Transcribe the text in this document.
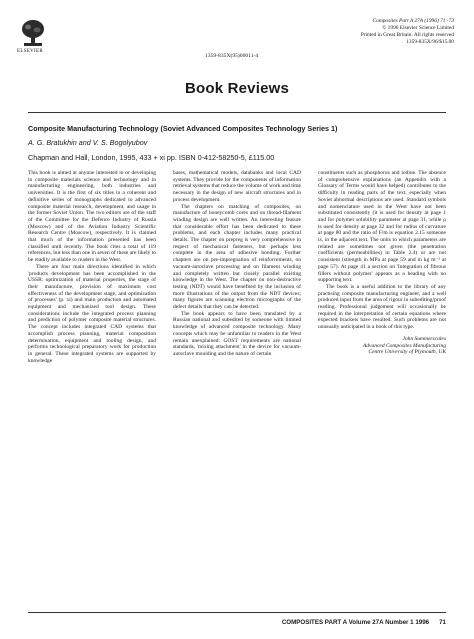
ELSEVIER
1359-835X(95)00011-4
Composites Part A 27A (1996) 71 -73
© 1996 Elsevier Science Limited
Printed in Great Britain. All rights reserved
1359-835X/96/$15.00
Book Reviews
Composite Manufacturing Technology (Soviet Advanced Composites Technology Series 1)
A. G. Bratukhin and V. S. Bogolyubov
Chapman and Hall, London, 1995, 433 + xi pp. ISBN 0-412-58250-5, £115.00

This book is aimed at anyone interested in or developing in composite materials science and technology and in manufacturing engineering, both industries and universities. It is the first of six titles in a coherent and definitive series of monographs dedicated to advanced composite material research, development, and usage in the former Soviet Union. The two editors are of the staff of the Committee for the Defence Industry of Russia (Moscow) and of the Aviation Industry Scientific Research Centre (Moscow), respectively. It is claimed that much of the information presented has been classified until recently. The book cites a total of 119 references, but less than one in seven of these are likely to be readily available to readers in the West.

There are four main directions identified in which 'products development has been accomplished in the USSR: optimization of material properties, the stage of their manufacture, provision of maximum cost effectiveness of the development stage, and optimization of processes' (p. xi) and main production and automated equipment and mechanized tool design. These considerations include the integrated process planning and prediction of polymer composite material structures. The concept includes integrated CAD systems that accomplish process planning, material composition determination, equipment and tooling design, and performs technological preparatory work for production in general. These integrated systems are supported by knowledge

bases, mathematical models, databanks and local CAD systems. They provide for the components of information retrieval systems that reduce the volume of work and time necessary in the design of new aircraft structures and in process development.

The chapters on matching of composites, on manufacture of honeycomb cores and on thread-filament winding design are well written. An interesting feature that considerable effort has been dedicated to these problems, and each chapter includes many practical details. The chapter on prepreg is very comprehensive in respect of mechanical fasteners, but perhaps less complete in the area of adhesive bonding. Further chapters are on pre-impregnation of reinforcements, on vacuum-autoclave processing and on filament winding and completely written but closely parallel existing knowledge in the West. The chapter on non-destructive testing (NDT) would have benefited by the inclusion of more illustrations of the output from the NDT devices; many figures are scanning electron micrographs of the defect details that they can be detected.

The book appears to have been translated by a Russian national and subedited by someone with limited knowledge of advanced composite technology. Many concepts which may be unfamiliar to readers in the West remain unexplained: GOST requirements are national standards, 'mixing attachment' in the device for vacuum-autoclave moulding and the nature of certain

constituents such as phosphorus and iodine. The absence of comprehensive explanations (an Appendix with a Glossary of Terms would have helped) contributes to the difficulty in reading parts of the text, especially when Soviet abnormal descriptions are used. Standard symbols and nomenclature used in the West have not been substituted consistently (it is used for density at page 1 and for polymer solubility parameter at page 31, while ρ is used for density at page 32 and for radius of curvature at page 80 and the ratio of F/m is equation 2.15 someone is, in the adjacent text. The units to which parameters are related are sometimes not given (the penetration coefficients (permeabilities) in Table 2.4) or are not consistent (strength in MPa at page 59 and in kg m⁻² at page 57). At page 41 a section on 'Integration of fibrous fillers without polymer' appears as a heading with no supporting text.

The book is a useful addition to the library of any practising composite manufacturing engineer, and a well produced input from the area of rigour in subediting/proof reading. Professional judgement will occasionally be required in the interpretation of certain equations where expected brackets have resulted. Such problems are not unusually anticipated in a book of this type.

John Summerscales

Advanced Composites Manufacturing

Centre University of Plymouth, UK

COMPOSITES PART A Volume 27A Number 1 1996 71
